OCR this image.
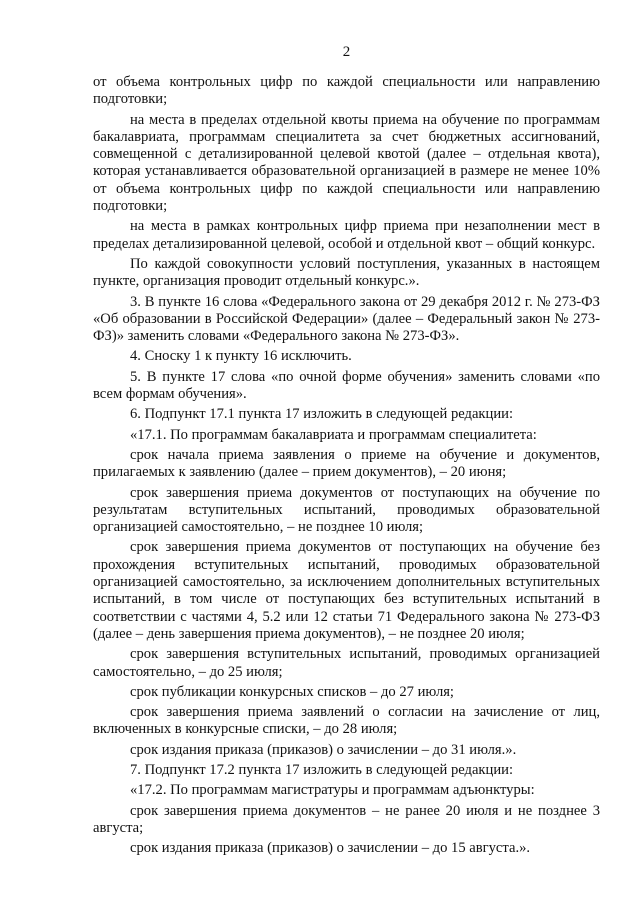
2

от объема контрольных цифр по каждой специальности или направлению подготовки;

на места в пределах отдельной квоты приема на обучение по программам бакалавриата, программам специалитета за счет бюджетных ассигнований, совмещенной с детализированной целевой квотой (далее – отдельная квота), которая устанавливается образовательной организацией в размере не менее 10% от объема контрольных цифр по каждой специальности или направлению подготовки;

на места в рамках контрольных цифр приема при незаполнении мест в пределах детализированной целевой, особой и отдельной квот – общий конкурс.

По каждой совокупности условий поступления, указанных в настоящем пункте, организация проводит отдельный конкурс.».

3. В пункте 16 слова «Федерального закона от 29 декабря 2012 г. № 273-ФЗ «Об образовании в Российской Федерации» (далее – Федеральный закон № 273-ФЗ)» заменить словами «Федерального закона № 273-ФЗ».

4. Сноску 1 к пункту 16 исключить.

5. В пункте 17 слова «по очной форме обучения» заменить словами «по всем формам обучения».

6. Подпункт 17.1 пункта 17 изложить в следующей редакции:

«17.1. По программам бакалавриата и программам специалитета:

срок начала приема заявления о приеме на обучение и документов, прилагаемых к заявлению (далее – прием документов), – 20 июня;

срок завершения приема документов от поступающих на обучение по результатам вступительных испытаний, проводимых образовательной организацией самостоятельно, – не позднее 10 июля;

срок завершения приема документов от поступающих на обучение без прохождения вступительных испытаний, проводимых образовательной организацией самостоятельно, за исключением дополнительных вступительных испытаний, в том числе от поступающих без вступительных испытаний в соответствии с частями 4, 5.2 или 12 статьи 71 Федерального закона № 273-ФЗ (далее – день завершения приема документов), – не позднее 20 июля;

срок завершения вступительных испытаний, проводимых организацией самостоятельно, – до 25 июля;

срок публикации конкурсных списков – до 27 июля;

срок завершения приема заявлений о согласии на зачисление от лиц, включенных в конкурсные списки, – до 28 июля;

срок издания приказа (приказов) о зачислении – до 31 июля.».

7. Подпункт 17.2 пункта 17 изложить в следующей редакции:

«17.2. По программам магистратуры и программам адъюнктуры:

срок завершения приема документов – не ранее 20 июля и не позднее 3 августа;

срок издания приказа (приказов) о зачислении – до 15 августа.».
